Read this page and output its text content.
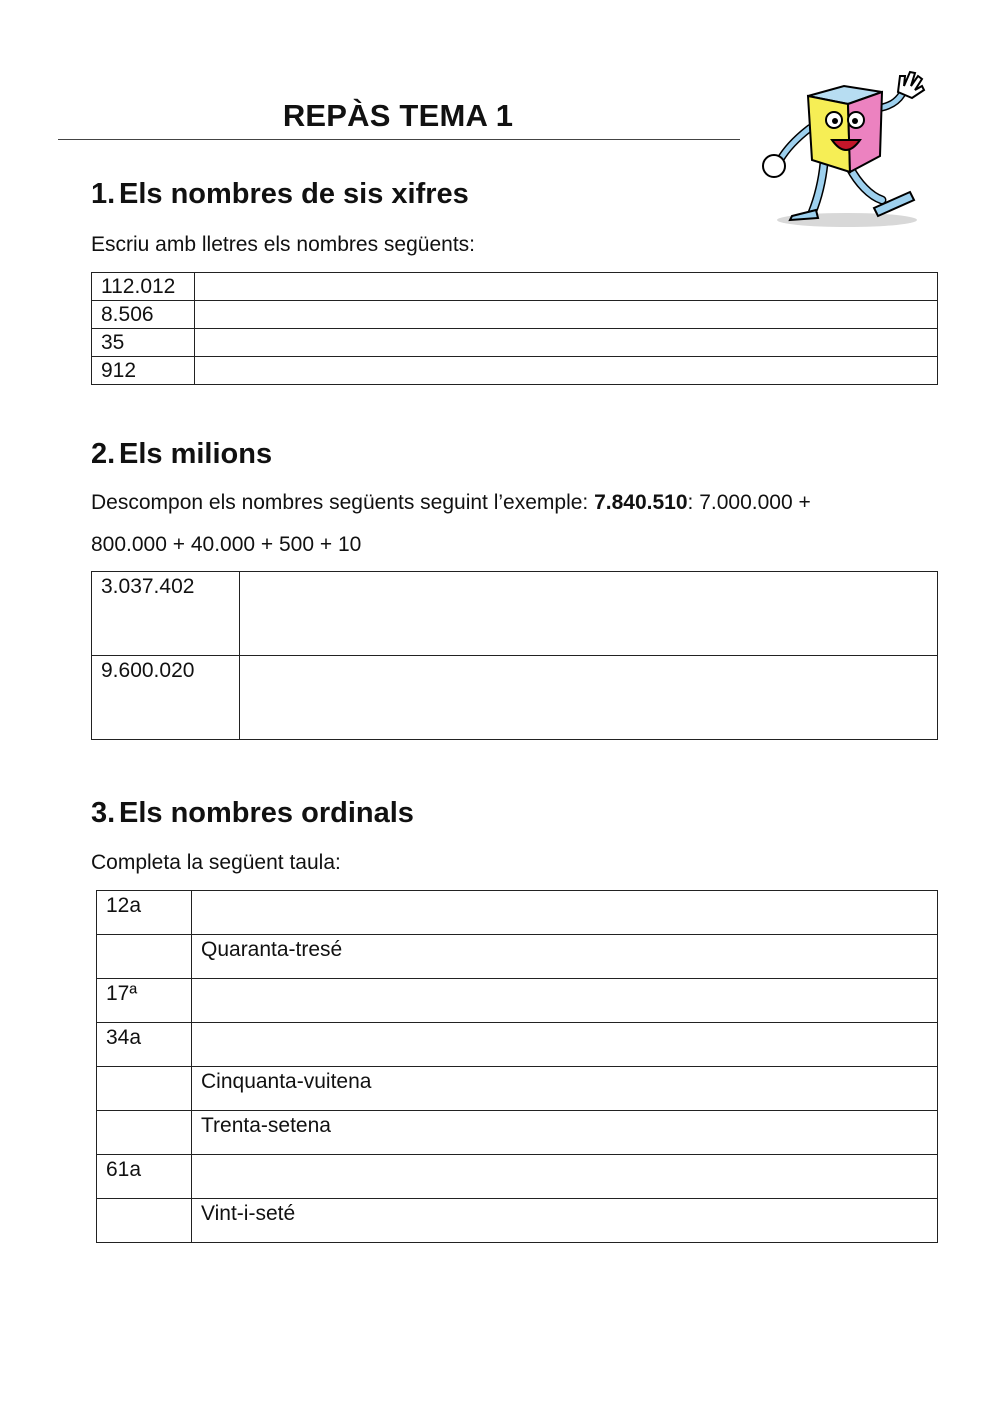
REPÀS TEMA 1
1. Els nombres de sis xifres
Escriu amb lletres els nombres següents:
112.012	
8.506	
35	
912	
2. Els milions
Descompon els nombres següents seguint l’exemple: 7.840.510: 7.000.000 +
800.000 + 40.000 + 500 + 10
3.037.402	
9.600.020	
3. Els nombres ordinals
Completa la següent taula:
12a	
	Quaranta-tresé
17ª	
34a	
	Cinquanta-vuitena
	Trenta-setena
61a	
	Vint-i-seté
